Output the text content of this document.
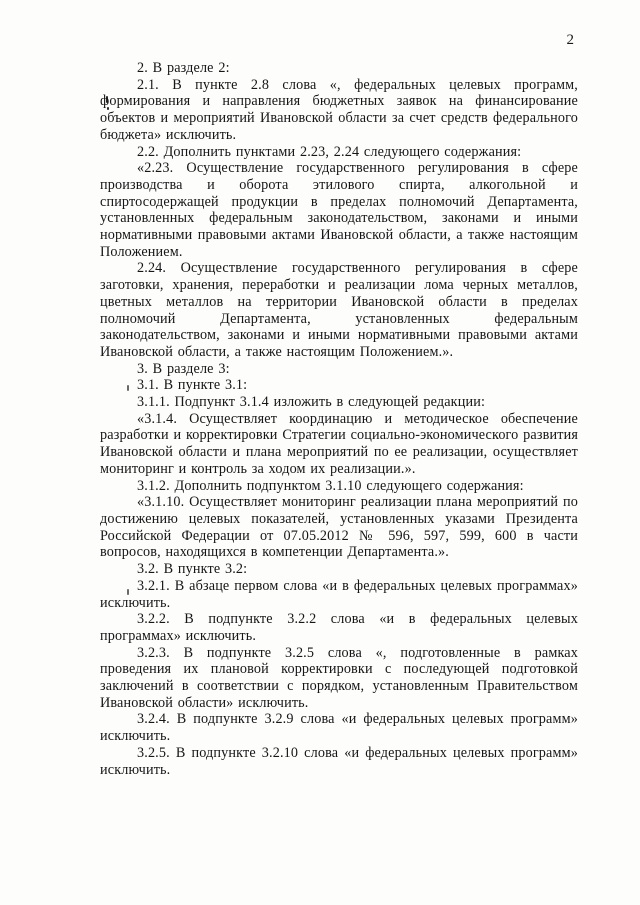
2

2. В разделе 2:

2.1. В пункте 2.8 слова «, федеральных целевых программ, формирования и направления бюджетных заявок на финансирование объектов и мероприятий Ивановской области за счет средств федерального бюджета» исключить.

2.2. Дополнить пунктами 2.23, 2.24 следующего содержания:

«2.23. Осуществление государственного регулирования в сфере производства и оборота этилового спирта, алкогольной и спиртосодержащей продукции в пределах полномочий Департамента, установленных федеральным законодательством, законами и иными нормативными правовыми актами Ивановской области, а также настоящим Положением.

2.24. Осуществление государственного регулирования в сфере заготовки, хранения, переработки и реализации лома черных металлов, цветных металлов на территории Ивановской области в пределах полномочий Департамента, установленных федеральным законодательством, законами и иными нормативными правовыми актами Ивановской области, а также настоящим Положением.».

3. В разделе 3:

3.1. В пункте 3.1:

3.1.1. Подпункт 3.1.4 изложить в следующей редакции:

«3.1.4. Осуществляет координацию и методическое обеспечение разработки и корректировки Стратегии социально-экономического развития Ивановской области и плана мероприятий по ее реализации, осуществляет мониторинг и контроль за ходом их реализации.».

3.1.2. Дополнить подпунктом 3.1.10 следующего содержания:

«3.1.10. Осуществляет мониторинг реализации плана мероприятий по достижению целевых показателей, установленных указами Президента Российской Федерации от 07.05.2012 № 596, 597, 599, 600 в части вопросов, находящихся в компетенции Департамента.».

3.2. В пункте 3.2:

3.2.1. В абзаце первом слова «и в федеральных целевых программах» исключить.

3.2.2. В подпункте 3.2.2 слова «и в федеральных целевых программах» исключить.

3.2.3. В подпункте 3.2.5 слова «, подготовленные в рамках проведения их плановой корректировки с последующей подготовкой заключений в соответствии с порядком, установленным Правительством Ивановской области» исключить.

3.2.4. В подпункте 3.2.9 слова «и федеральных целевых программ» исключить.

3.2.5. В подпункте 3.2.10 слова «и федеральных целевых программ» исключить.
